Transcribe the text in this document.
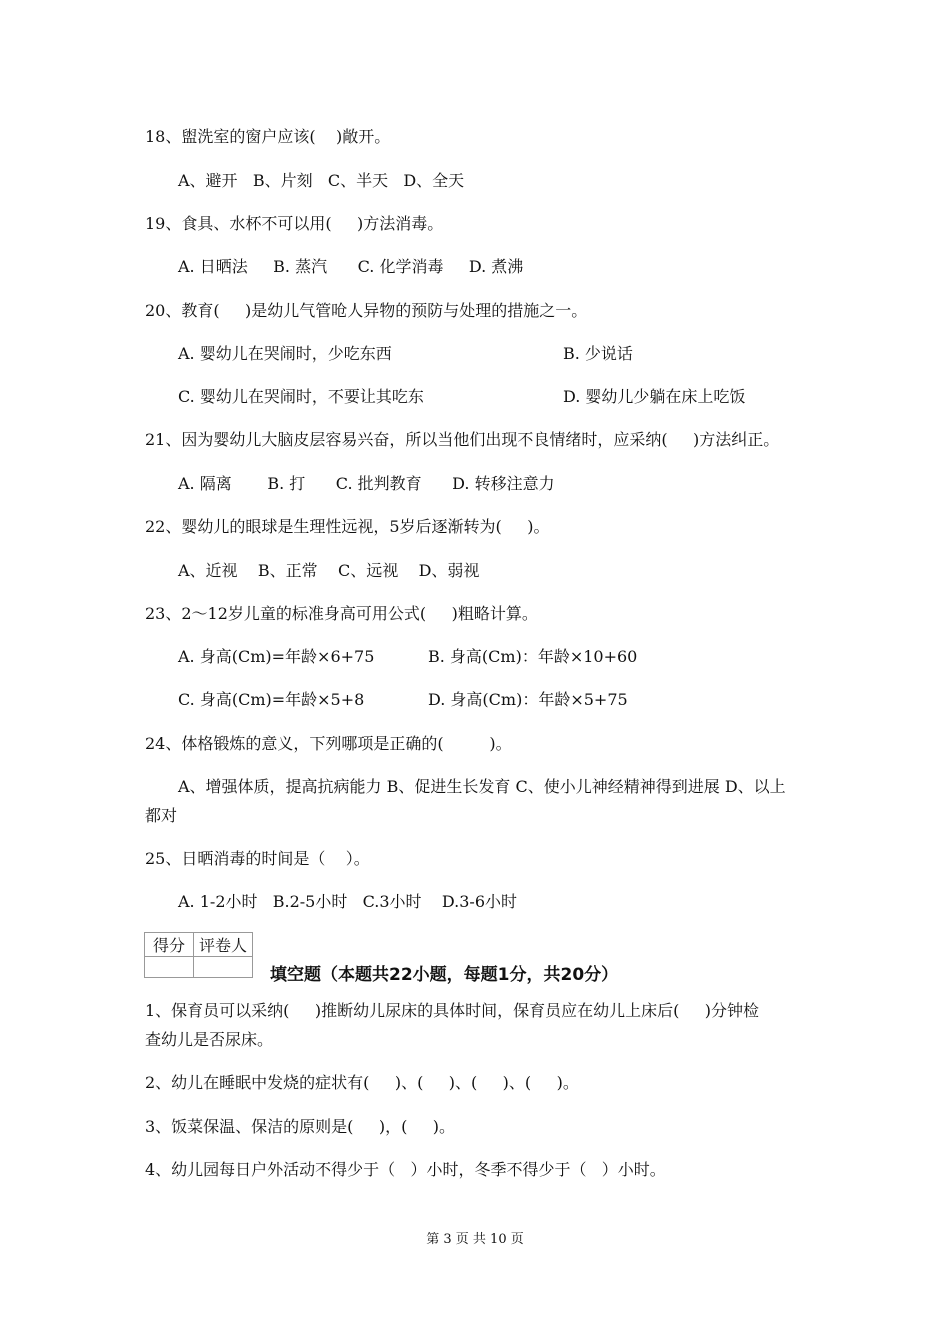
18、盥洗室的窗户应该(    )敞开。
A、避开   B、片刻   C、半天   D、全天
19、食具、水杯不可以用(     )方法消毒。
A. 日晒法     B. 蒸汽      C. 化学消毒     D. 煮沸
20、教育(     )是幼儿气管呛人异物的预防与处理的措施之一。
A. 婴幼儿在哭闹时，少吃东西	B. 少说话
C. 婴幼儿在哭闹时，不要让其吃东	D. 婴幼儿少躺在床上吃饭
21、因为婴幼儿大脑皮层容易兴奋，所以当他们出现不良情绪时，应采纳(     )方法纠正。
A. 隔离       B. 打      C. 批判教育      D. 转移注意力
22、婴幼儿的眼球是生理性远视，5岁后逐渐转为(     )。
A、近视    B、正常    C、远视    D、弱视
23、2～12岁儿童的标准身高可用公式(     )粗略计算。
A. 身高(Cm)=年龄×6+75	B. 身高(Cm)：年龄×10+60
C. 身高(Cm)=年龄×5+8	D. 身高(Cm)：年龄×5+75
24、体格锻炼的意义，下列哪项是正确的(         )。
A、增强体质，提高抗病能力 B、促进生长发育 C、使小儿神经精神得到进展 D、以上
都对
25、日晒消毒的时间是（    ）。
A. 1-2小时   B.2-5小时   C.3小时    D.3-6小时
得分	评卷人

填空题（本题共22小题，每题1分，共20分）
1、保育员可以采纳(     )推断幼儿尿床的具体时间，保育员应在幼儿上床后(     )分钟检
查幼儿是否尿床。
2、幼儿在睡眠中发烧的症状有(     )、(     )、(     )、(     )。
3、饭菜保温、保洁的原则是(     )，(     )。
4、幼儿园每日户外活动不得少于（   ）小时，冬季不得少于（   ）小时。
第 3 页 共 10 页
